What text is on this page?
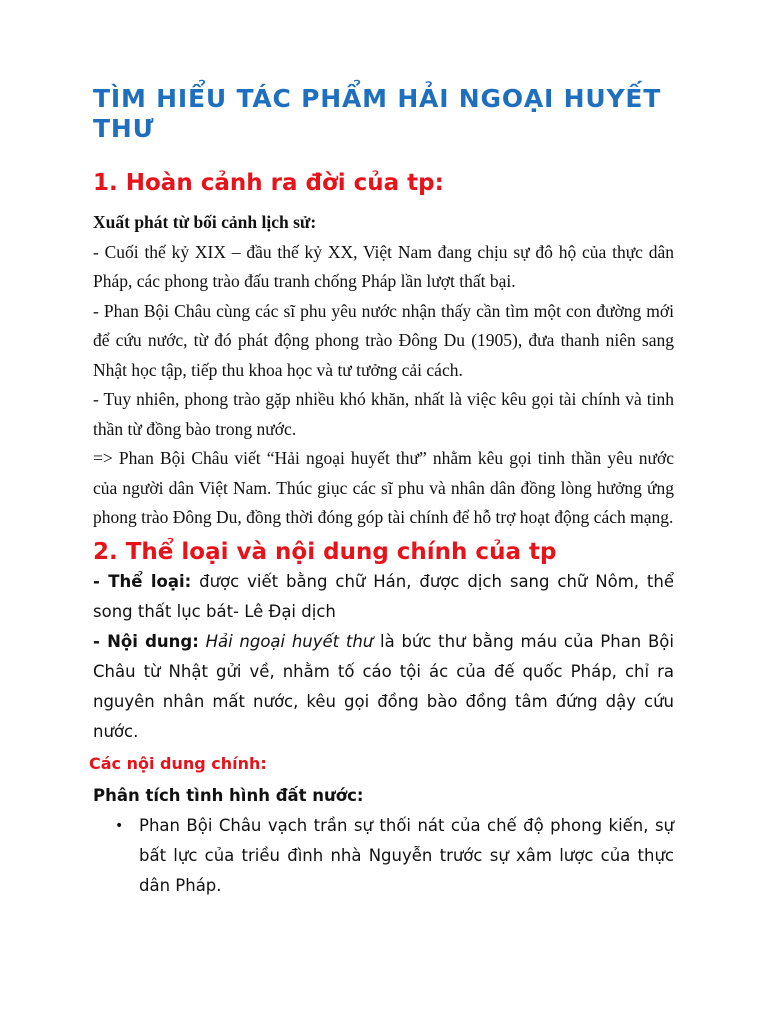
TÌM HIỂU TÁC PHẨM HẢI NGOẠI HUYẾT THƯ
1. Hoàn cảnh ra đời của tp:

Xuất phát từ bối cảnh lịch sử:

- Cuối thế kỷ XIX – đầu thế kỷ XX, Việt Nam đang chịu sự đô hộ của thực dân Pháp, các phong trào đấu tranh chống Pháp lần lượt thất bại.

- Phan Bội Châu cùng các sĩ phu yêu nước nhận thấy cần tìm một con đường mới để cứu nước, từ đó phát động phong trào Đông Du (1905), đưa thanh niên sang Nhật học tập, tiếp thu khoa học và tư tưởng cải cách.

- Tuy nhiên, phong trào gặp nhiều khó khăn, nhất là việc kêu gọi tài chính và tinh thần từ đồng bào trong nước.

=> Phan Bội Châu viết “Hải ngoại huyết thư” nhằm kêu gọi tinh thần yêu nước của người dân Việt Nam. Thúc giục các sĩ phu và nhân dân đồng lòng hưởng ứng phong trào Đông Du, đồng thời đóng góp tài chính để hỗ trợ hoạt động cách mạng.

2. Thể loại và nội dung chính của tp

- Thể loại: được viết bằng chữ Hán, được dịch sang chữ Nôm, thể song thất lục bát- Lê Đại dịch

- Nội dung: Hải ngoại huyết thư là bức thư bằng máu của Phan Bội Châu từ Nhật gửi về, nhằm tố cáo tội ác của đế quốc Pháp, chỉ ra nguyên nhân mất nước, kêu gọi đồng bào đồng tâm đứng dậy cứu nước.

Các nội dung chính:

Phân tích tình hình đất nước:

• Phan Bội Châu vạch trần sự thối nát của chế độ phong kiến, sự bất lực của triều đình nhà Nguyễn trước sự xâm lược của thực dân Pháp.
